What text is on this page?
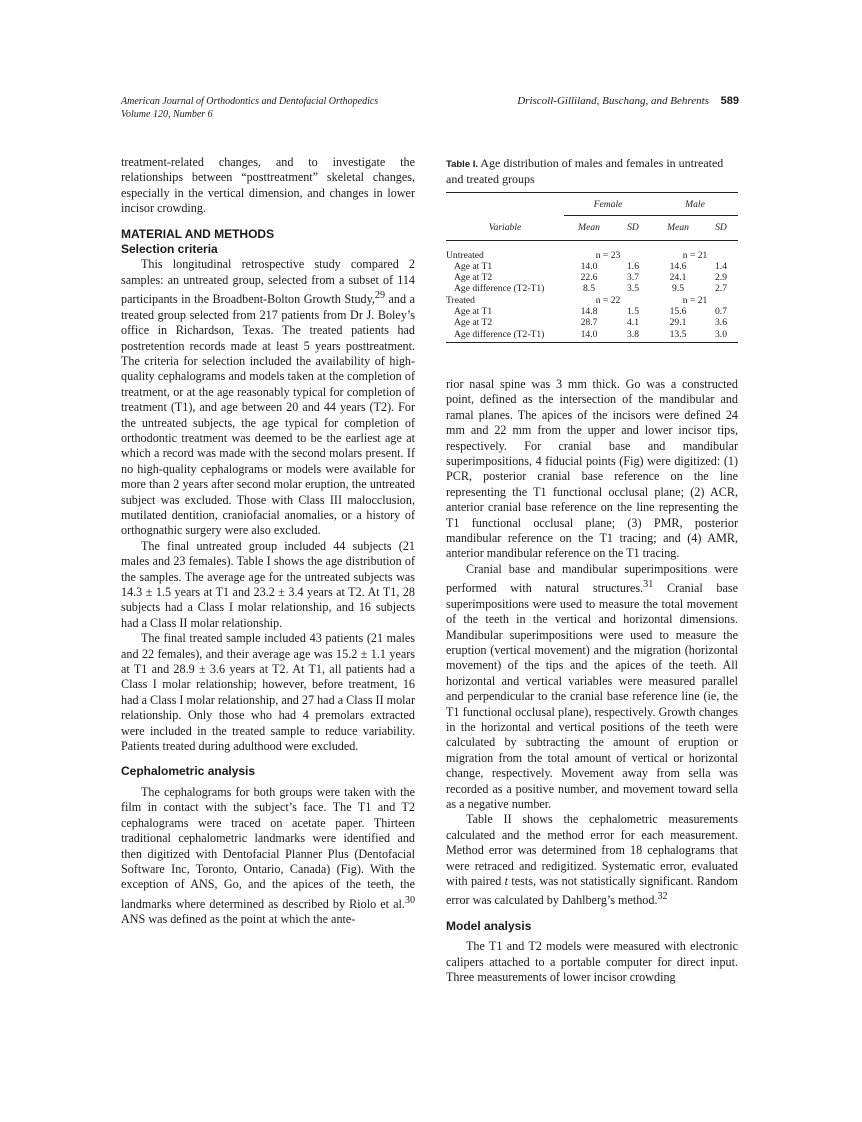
American Journal of Orthodontics and Dentofacial Orthopedics
Volume 120, Number 6
Driscoll-Gilliland, Buschang, and Behrents 589

treatment-related changes, and to investigate the relationships between “posttreatment” skeletal changes, especially in the vertical dimension, and changes in lower incisor crowding.

MATERIAL AND METHODS

Selection criteria

This longitudinal retrospective study compared 2 samples: an untreated group, selected from a subset of 114 participants in the Broadbent-Bolton Growth Study,$^{29}$ and a treated group selected from 217 patients from Dr J. Boley’s office in Richardson, Texas. The treated patients had postretention records made at least 5 years posttreatment. The criteria for selection included the availability of high-quality cephalograms and models taken at the completion of treatment, or at the age reasonably typical for completion of treatment (T1), and age between 20 and 44 years (T2). For the untreated subjects, the age typical for completion of orthodontic treatment was deemed to be the earliest age at which a record was made with the second molars present. If no high-quality cephalograms or models were available for more than 2 years after second molar eruption, the untreated subject was excluded. Those with Class III malocclusion, mutilated dentition, craniofacial anomalies, or a history of orthognathic surgery were also excluded.

The final untreated group included 44 subjects (21 males and 23 females). Table I shows the age distribution of the samples. The average age for the untreated subjects was 14.3 ± 1.5 years at T1 and 23.2 ± 3.4 years at T2. At T1, 28 subjects had a Class I molar relationship, and 16 subjects had a Class II molar relationship.

The final treated sample included 43 patients (21 males and 22 females), and their average age was 15.2 ± 1.1 years at T1 and 28.9 ± 3.6 years at T2. At T1, all patients had a Class I molar relationship; however, before treatment, 16 had a Class I molar relationship, and 27 had a Class II molar relationship. Only those who had 4 premolars extracted were included in the treated sample to reduce variability. Patients treated during adulthood were excluded.

Cephalometric analysis

The cephalograms for both groups were taken with the film in contact with the subject’s face. The T1 and T2 cephalograms were traced on acetate paper. Thirteen traditional cephalometric landmarks were identified and then digitized with Dentofacial Planner Plus (Dentofacial Software Inc, Toronto, Ontario, Canada) (Fig). With the exception of ANS, Go, and the apices of the teeth, the landmarks where determined as described by Riolo et al.$^{30}$ ANS was defined as the point at which the ante-

Table I. Age distribution of males and females in untreated and treated groups

	Female		Male	
Variable	Mean	SD	Mean	SD
Untreated	n = 23		n = 21	
Age at T1	14.0	1.6	14.6	1.4
Age at T2	22.6	3.7	24.1	2.9
Age difference (T2-T1)	8.5	3.5	9.5	2.7
Treated	n = 22		n = 21	
Age at T1	14.8	1.5	15.6	0.7
Age at T2	28.7	4.1	29.1	3.6
Age difference (T2-T1)	14.0	3.8	13.5	3.0

rior nasal spine was 3 mm thick. Go was a constructed point, defined as the intersection of the mandibular and ramal planes. The apices of the incisors were defined 24 mm and 22 mm from the upper and lower incisor tips, respectively. For cranial base and mandibular superimpositions, 4 fiducial points (Fig) were digitized: (1) PCR, posterior cranial base reference on the line representing the T1 functional occlusal plane; (2) ACR, anterior cranial base reference on the line representing the T1 functional occlusal plane; (3) PMR, posterior mandibular reference on the T1 tracing; and (4) AMR, anterior mandibular reference on the T1 tracing.

Cranial base and mandibular superimpositions were performed with natural structures.$^{31}$ Cranial base superimpositions were used to measure the total movement of the teeth in the vertical and horizontal dimensions. Mandibular superimpositions were used to measure the eruption (vertical movement) and the migration (horizontal movement) of the tips and the apices of the teeth. All horizontal and vertical variables were measured parallel and perpendicular to the cranial base reference line (ie, the T1 functional occlusal plane), respectively. Growth changes in the horizontal and vertical positions of the teeth were calculated by subtracting the amount of eruption or migration from the total amount of vertical or horizontal change, respectively. Movement away from sella was recorded as a positive number, and movement toward sella as a negative number.

Table II shows the cephalometric measurements calculated and the method error for each measurement. Method error was determined from 18 cephalograms that were retraced and redigitized. Systematic error, evaluated with paired t tests, was not statistically significant. Random error was calculated by Dahlberg’s method.$^{32}$

Model analysis

The T1 and T2 models were measured with electronic calipers attached to a portable computer for direct input. Three measurements of lower incisor crowding
